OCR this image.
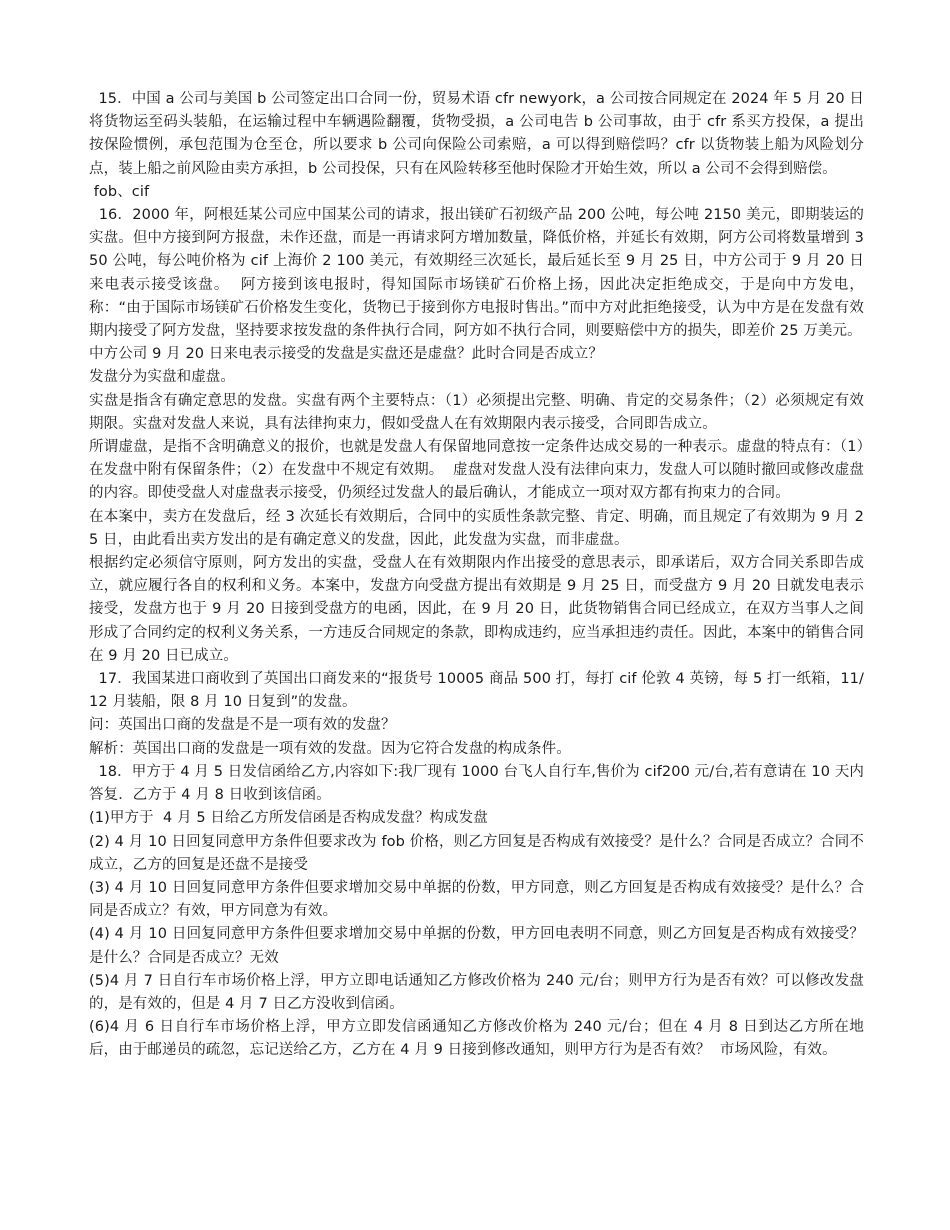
15．中国 a 公司与美国 b 公司签定出口合同一份，贸易术语 cfr newyork，a 公司按合同规定在 2024 年 5 月 20 日将货物运至码头装船，在运输过程中车辆遇险翻覆，货物受损，a 公司电告 b 公司事故，由于 cfr 系买方投保，a 提出按保险惯例，承包范围为仓至仓，所以要求 b 公司向保险公司索赔，a 可以得到赔偿吗？cfr 以货物装上船为风险划分点，装上船之前风险由卖方承担，b 公司投保，只有在风险转移至他时保险才开始生效，所以 a 公司不会得到赔偿。

fob、cif

16．2000 年，阿根廷某公司应中国某公司的请求，报出镁矿石初级产品 200 公吨，每公吨 2150 美元，即期装运的实盘。但中方接到阿方报盘，未作还盘，而是一再请求阿方增加数量，降低价格，并延长有效期，阿方公司将数量增到 350 公吨，每公吨价格为 cif 上海价 2 100 美元，有效期经三次延长，最后延长至 9 月 25 日，中方公司于 9 月 20 日来电表示接受该盘。  阿方接到该电报时，得知国际市场镁矿石价格上扬，因此决定拒绝成交，于是向中方发电，称：“由于国际市场镁矿石价格发生变化，货物已于接到你方电报时售出。”而中方对此拒绝接受，认为中方是在发盘有效期内接受了阿方发盘，坚持要求按发盘的条件执行合同，阿方如不执行合同，则要赔偿中方的损失，即差价 25 万美元。

中方公司 9 月 20 日来电表示接受的发盘是实盘还是虚盘？此时合同是否成立？

发盘分为实盘和虚盘。

实盘是指含有确定意思的发盘。实盘有两个主要特点：（1）必须提出完整、明确、肯定的交易条件；（2）必须规定有效期限。实盘对发盘人来说，具有法律拘束力，假如受盘人在有效期限内表示接受，合同即告成立。

所谓虚盘，是指不含明确意义的报价，也就是发盘人有保留地同意按一定条件达成交易的一种表示。虚盘的特点有：（1）在发盘中附有保留条件；（2）在发盘中不规定有效期。  虚盘对发盘人没有法律向束力，发盘人可以随时撤回或修改虚盘的内容。即使受盘人对虚盘表示接受，仍须经过发盘人的最后确认，才能成立一项对双方都有拘束力的合同。

在本案中，卖方在发盘后，经 3 次延长有效期后，合同中的实质性条款完整、肯定、明确，而且规定了有效期为 9 月 25 日，由此看出卖方发出的是有确定意义的发盘，因此，此发盘为实盘，而非虚盘。

根据约定必须信守原则，阿方发出的实盘，受盘人在有效期限内作出接受的意思表示，即承诺后，双方合同关系即告成立，就应履行各自的权利和义务。本案中，发盘方向受盘方提出有效期是 9 月 25 日，而受盘方 9 月 20 日就发电表示接受，发盘方也于 9 月 20 日接到受盘方的电函，因此，在 9 月 20 日，此货物销售合同已经成立，在双方当事人之间形成了合同约定的权利义务关系，一方违反合同规定的条款，即构成违约，应当承担违约责任。因此，本案中的销售合同在 9 月 20 日已成立。

17．我国某进口商收到了英国出口商发来的“报货号 10005 商品 500 打，每打 cif 伦敦 4 英镑，每 5 打一纸箱，11/12 月装船，限 8 月 10 日复到”的发盘。

问：英国出口商的发盘是不是一项有效的发盘？

解析：英国出口商的发盘是一项有效的发盘。因为它符合发盘的构成条件。

18．甲方于 4 月 5 日发信函给乙方,内容如下:我厂现有 1000 台飞人自行车,售价为 cif200 元/台,若有意请在 10 天内答复．乙方于 4 月 8 日收到该信函。

(1)甲方于  4 月 5 日给乙方所发信函是否构成发盘？构成发盘

(2) 4 月 10 日回复同意甲方条件但要求改为 fob 价格，则乙方回复是否构成有效接受？是什么？合同是否成立？合同不成立，乙方的回复是还盘不是接受

(3) 4 月 10 日回复同意甲方条件但要求增加交易中单据的份数，甲方同意，则乙方回复是否构成有效接受？是什么？合同是否成立？有效，甲方同意为有效。

(4) 4 月 10 日回复同意甲方条件但要求增加交易中单据的份数，甲方回电表明不同意，则乙方回复是否构成有效接受？是什么？合同是否成立？无效

(5)4 月 7 日自行车市场价格上浮，甲方立即电话通知乙方修改价格为 240 元/台；则甲方行为是否有效？可以修改发盘的，是有效的，但是 4 月 7 日乙方没收到信函。

(6)4 月 6 日自行车市场价格上浮，甲方立即发信函通知乙方修改价格为 240 元/台；但在 4 月 8 日到达乙方所在地后，由于邮递员的疏忽，忘记送给乙方，乙方在 4 月 9 日接到修改通知，则甲方行为是否有效？  市场风险，有效。
